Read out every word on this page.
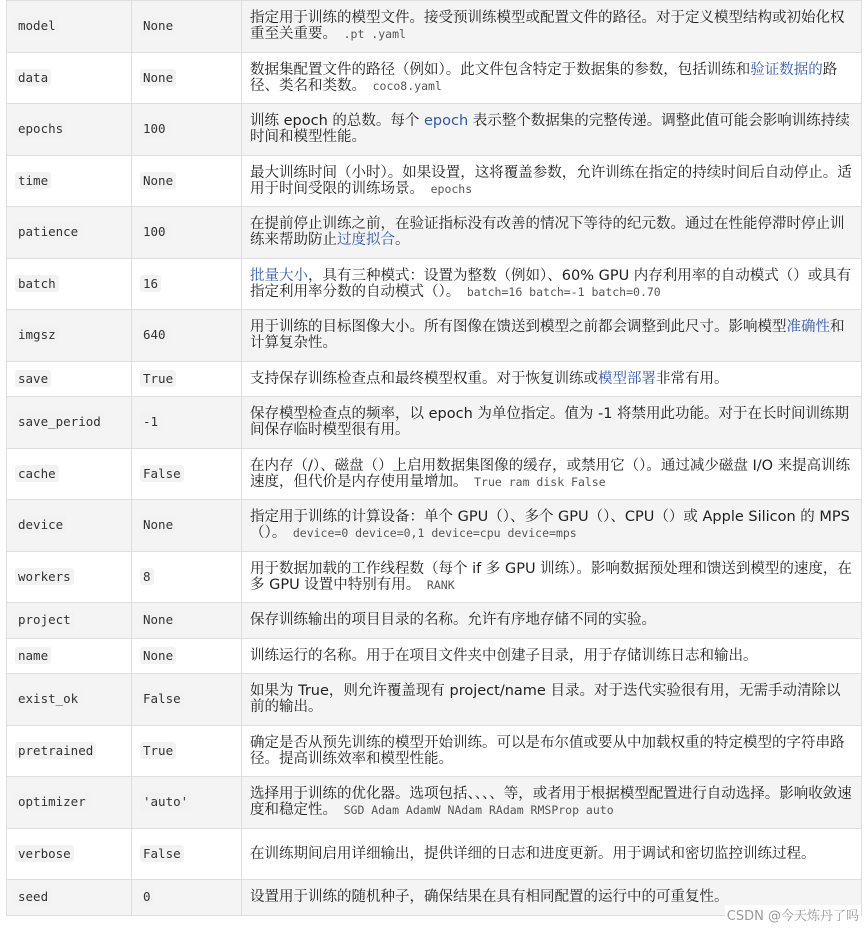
model	None	指定用于训练的模型文件。接受预训练模型或配置文件的路径。对于定义模型结构或初始化权重至关重要。 .pt .yaml
data	None	数据集配置文件的路径（例如）。此文件包含特定于数据集的参数，包括训练和验证数据的路径、类名和类数。 coco8.yaml
epochs	100	训练 epoch 的总数。每个 epoch 表示整个数据集的完整传递。调整此值可能会影响训练持续时间和模型性能。
time	None	最大训练时间（小时）。如果设置，这将覆盖参数，允许训练在指定的持续时间后自动停止。适用于时间受限的训练场景。 epochs
patience	100	在提前停止训练之前，在验证指标没有改善的情况下等待的纪元数。通过在性能停滞时停止训练来帮助防止过度拟合。
batch	16	批量大小，具有三种模式：设置为整数（例如）、60% GPU 内存利用率的自动模式（）或具有指定利用率分数的自动模式（）。 batch=16 batch=-1 batch=0.70
imgsz	640	用于训练的目标图像大小。所有图像在馈送到模型之前都会调整到此尺寸。影响模型准确性和计算复杂性。
save	True	支持保存训练检查点和最终模型权重。对于恢复训练或模型部署非常有用。
save_period	-1	保存模型检查点的频率，以 epoch 为单位指定。值为 -1 将禁用此功能。对于在长时间训练期间保存临时模型很有用。
cache	False	在内存（/）、磁盘（）上启用数据集图像的缓存，或禁用它（）。通过减少磁盘 I/O 来提高训练速度，但代价是内存使用量增加。 True ram disk False
device	None	指定用于训练的计算设备：单个 GPU（）、多个 GPU（）、CPU（）或 Apple Silicon 的 MPS（）。 device=0 device=0,1 device=cpu device=mps
workers	8	用于数据加载的工作线程数（每个 if 多 GPU 训练）。影响数据预处理和馈送到模型的速度，在多 GPU 设置中特别有用。 RANK
project	None	保存训练输出的项目目录的名称。允许有序地存储不同的实验。
name	None	训练运行的名称。用于在项目文件夹中创建子目录，用于存储训练日志和输出。
exist_ok	False	如果为 True，则允许覆盖现有 project/name 目录。对于迭代实验很有用，无需手动清除以前的输出。
pretrained	True	确定是否从预先训练的模型开始训练。可以是布尔值或要从中加载权重的特定模型的字符串路径。提高训练效率和模型性能。
optimizer	'auto'	选择用于训练的优化器。选项包括、、、、等，或者用于根据模型配置进行自动选择。影响收敛速度和稳定性。 SGD Adam AdamW NAdam RAdam RMSProp auto
verbose	False	在训练期间启用详细输出，提供详细的日志和进度更新。用于调试和密切监控训练过程。
seed	0	设置用于训练的随机种子，确保结果在具有相同配置的运行中的可重复性。
CSDN @今天炼丹了吗
